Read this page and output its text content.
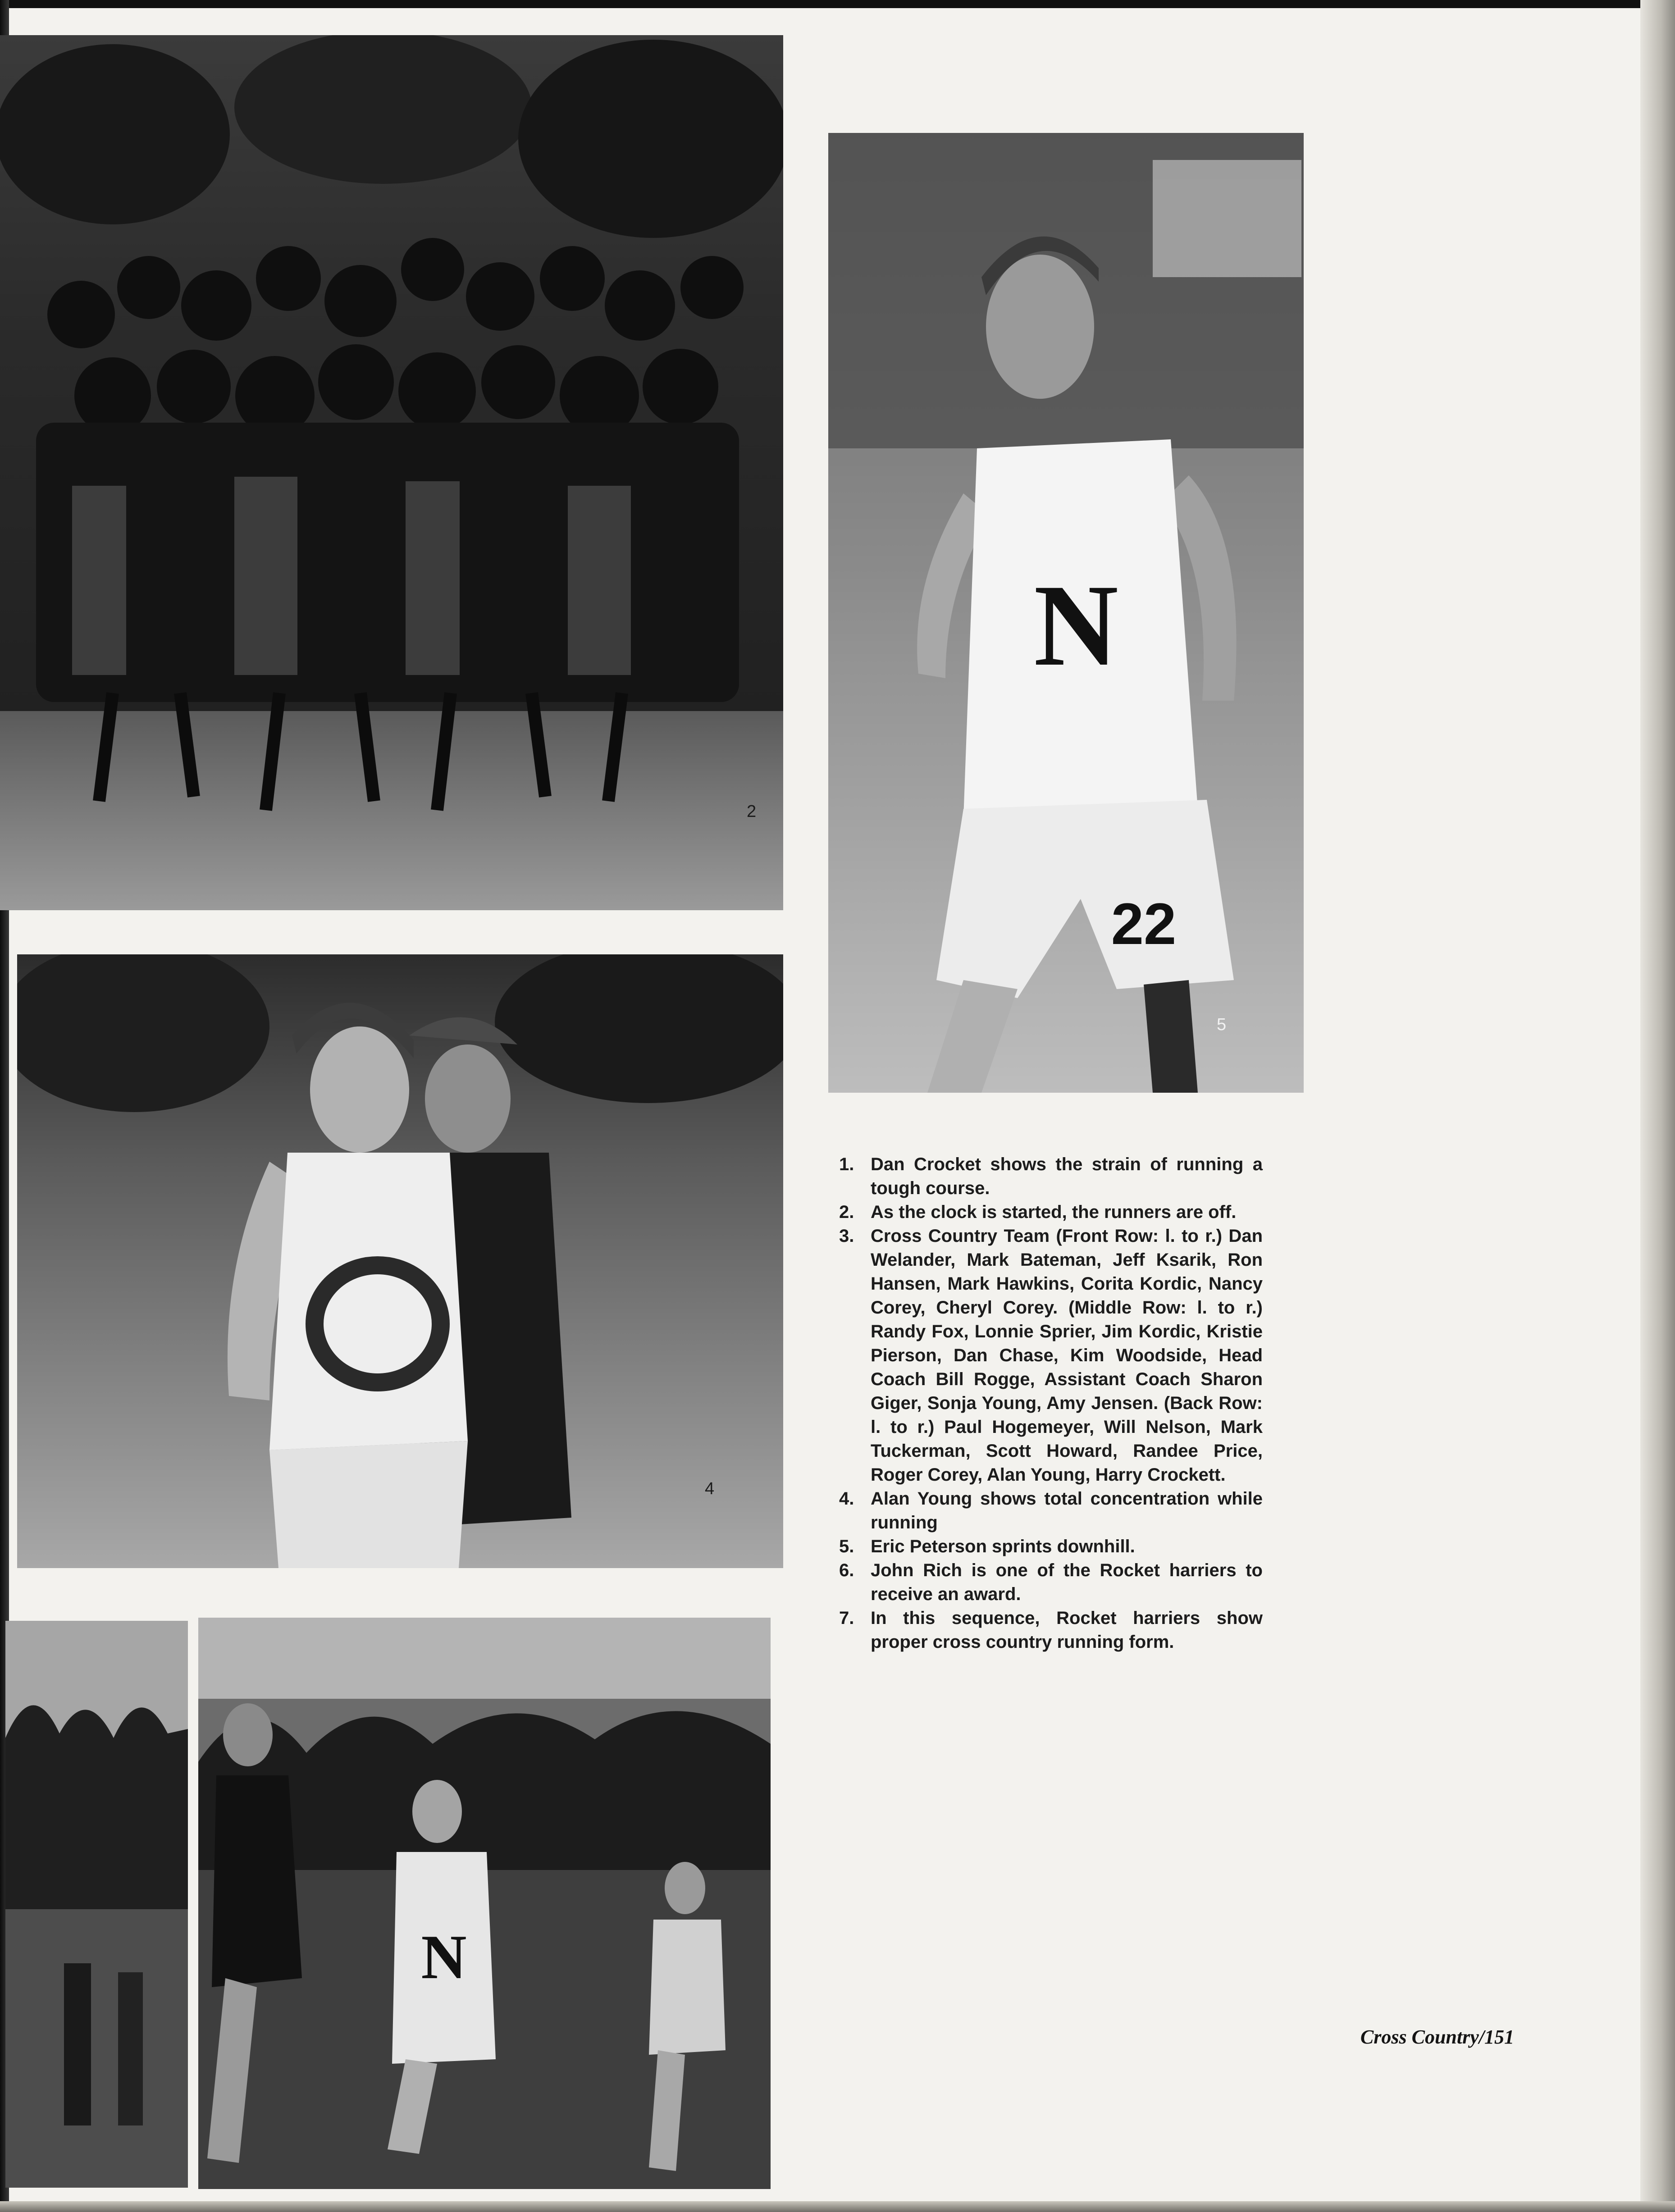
2
N
22
5
4
N
1. Dan Crocket shows the strain of running a tough course.
2. As the clock is started, the runners are off.
3. Cross Country Team (Front Row: l. to r.) Dan Welander, Mark Bateman, Jeff Ksarik, Ron Hansen, Mark Hawkins, Corita Kordic, Nancy Corey, Cheryl Corey. (Middle Row: l. to r.) Randy Fox, Lonnie Sprier, Jim Kordic, Kristie Pierson, Dan Chase, Kim Woodside, Head Coach Bill Rogge, Assistant Coach Sharon Giger, Sonja Young, Amy Jensen. (Back Row: l. to r.) Paul Hogemeyer, Will Nelson, Mark Tuckerman, Scott Howard, Randee Price, Roger Corey, Alan Young, Harry Crockett.
4. Alan Young shows total concentration while running
5. Eric Peterson sprints downhill.
6. John Rich is one of the Rocket harriers to receive an award.
7. In this sequence, Rocket harriers show proper cross country running form.
Cross Country/151
